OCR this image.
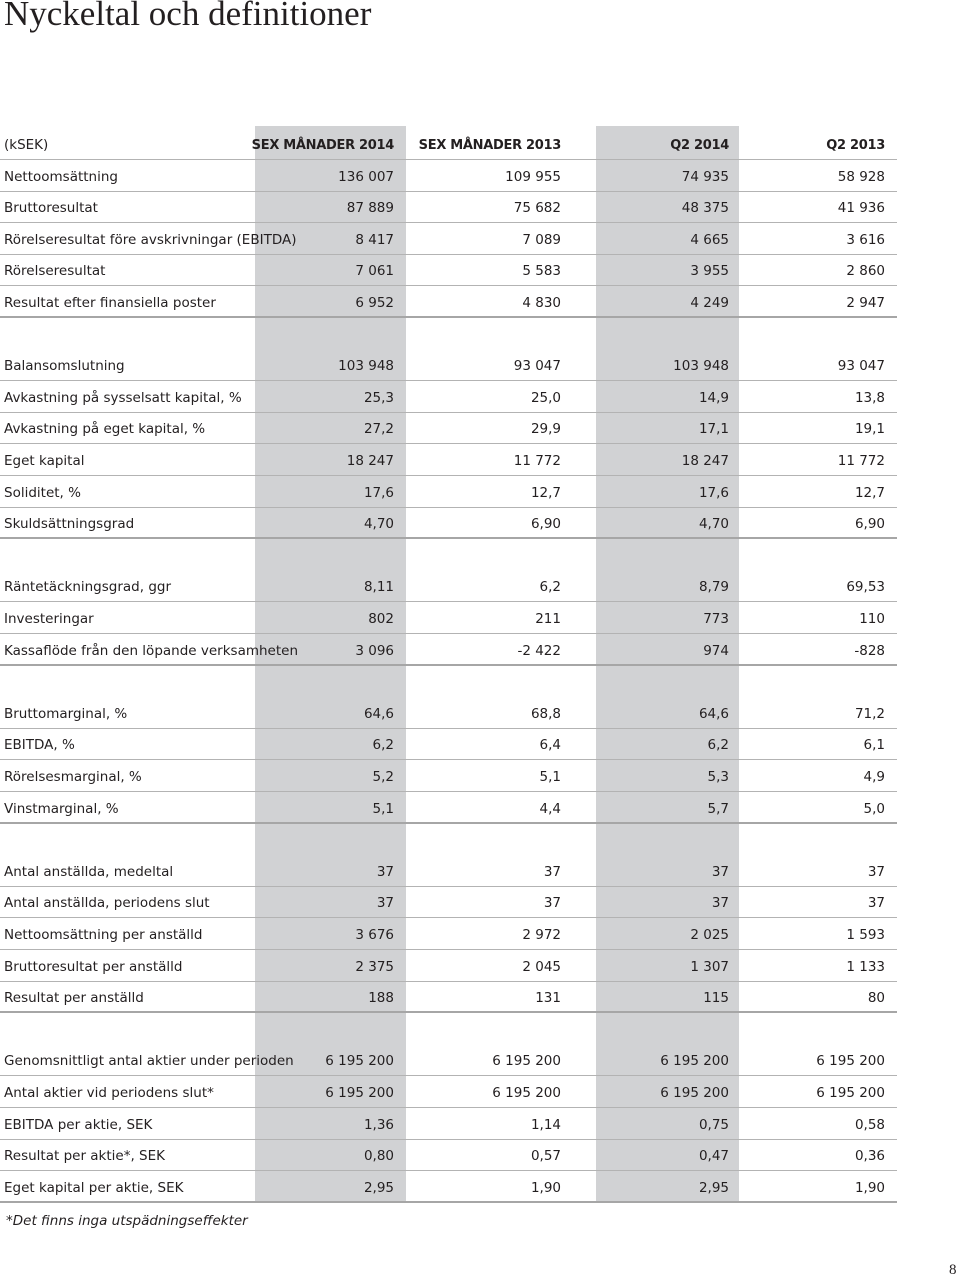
Nyckeltal och definitioner
(kSEK)	SEX MÅNADER 2014	SEX MÅNADER 2013	Q2 2014	Q2 2013
Nettoomsättning	136 007	109 955	74 935	58 928
Bruttoresultat	87 889	75 682	48 375	41 936
Rörelseresultat före avskrivningar (EBITDA)	8 417	7 089	4 665	3 616
Rörelseresultat	7 061	5 583	3 955	2 860
Resultat efter finansiella poster	6 952	4 830	4 249	2 947
Balansomslutning	103 948	93 047	103 948	93 047
Avkastning på sysselsatt kapital, %	25,3	25,0	14,9	13,8
Avkastning på eget kapital, %	27,2	29,9	17,1	19,1
Eget kapital	18 247	11 772	18 247	11 772
Soliditet, %	17,6	12,7	17,6	12,7
Skuldsättningsgrad	4,70	6,90	4,70	6,90
Räntetäckningsgrad, ggr	8,11	6,2	8,79	69,53
Investeringar	802	211	773	110
Kassaflöde från den löpande verksamheten	3 096	-2 422	974	-828
Bruttomarginal, %	64,6	68,8	64,6	71,2
EBITDA, %	6,2	6,4	6,2	6,1
Rörelsesmarginal, %	5,2	5,1	5,3	4,9
Vinstmarginal, %	5,1	4,4	5,7	5,0
Antal anställda, medeltal	37	37	37	37
Antal anställda, periodens slut	37	37	37	37
Nettoomsättning per anställd	3 676	2 972	2 025	1 593
Bruttoresultat per anställd	2 375	2 045	1 307	1 133
Resultat per anställd	188	131	115	80
Genomsnittligt antal aktier under perioden	6 195 200	6 195 200	6 195 200	6 195 200
Antal aktier vid periodens slut*	6 195 200	6 195 200	6 195 200	6 195 200
EBITDA per aktie, SEK	1,36	1,14	0,75	0,58
Resultat per aktie*, SEK	0,80	0,57	0,47	0,36
Eget kapital per aktie, SEK	2,95	1,90	2,95	1,90
*Det finns inga utspädningseffekter
8
